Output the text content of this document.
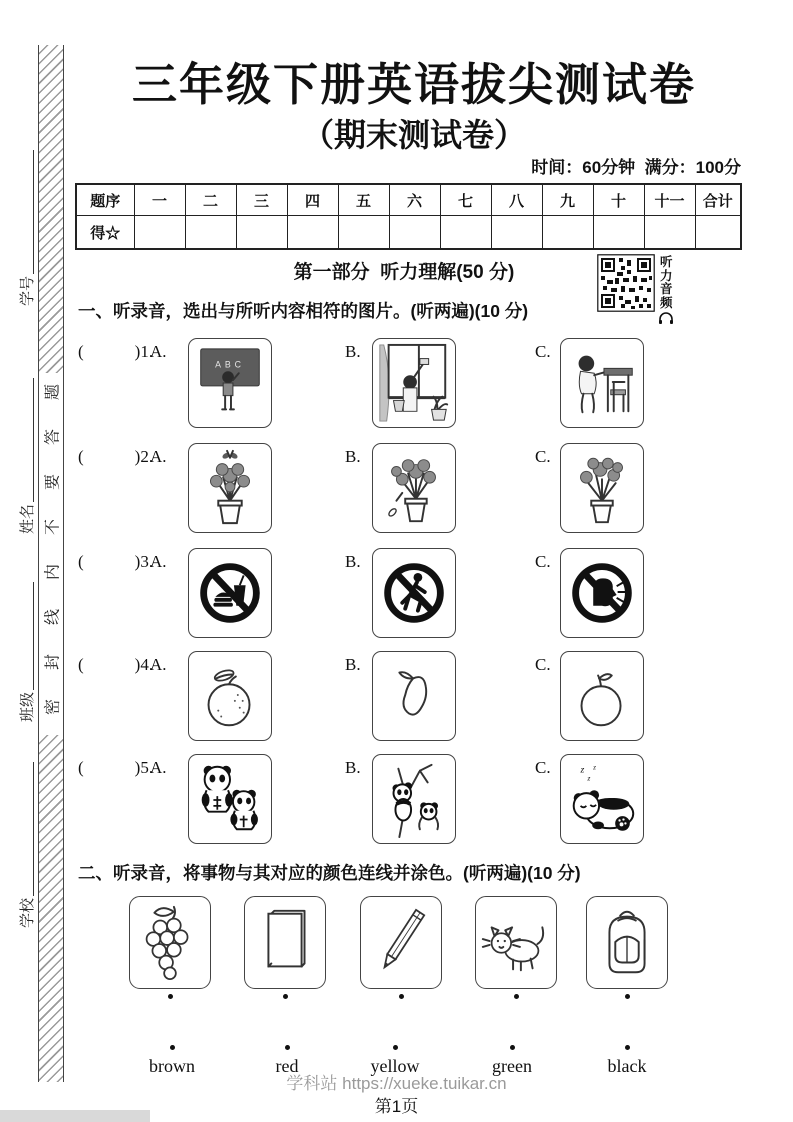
题
答
要
不
内
线
封
密
学号
姓名
班级
学校
三年级下册英语拔尖测试卷
（期末测试卷）
时间：60分钟  满分：100分
题序	一	二	三	四	五	六	七	八	九	十	十一	合计
得☆												
第一部分  听力理解(50 分)	听力音频
一、听录音，选出与所听内容相符的图片。(听两遍)(10 分)
(            )1.
A.
ABC
B.	C.
(            )2.
A.	B.	C.
(            )3.
A.	B.	C.
(            )4.
A.	B.	C.
(            )5.
A.	B.	C.	z
z
z
二、听录音，将事物与其对应的颜色连线并涂色。(听两遍)(10 分)
brown	red	yellow	green	black
学科站 https://xueke.tuikar.cn
第1页
